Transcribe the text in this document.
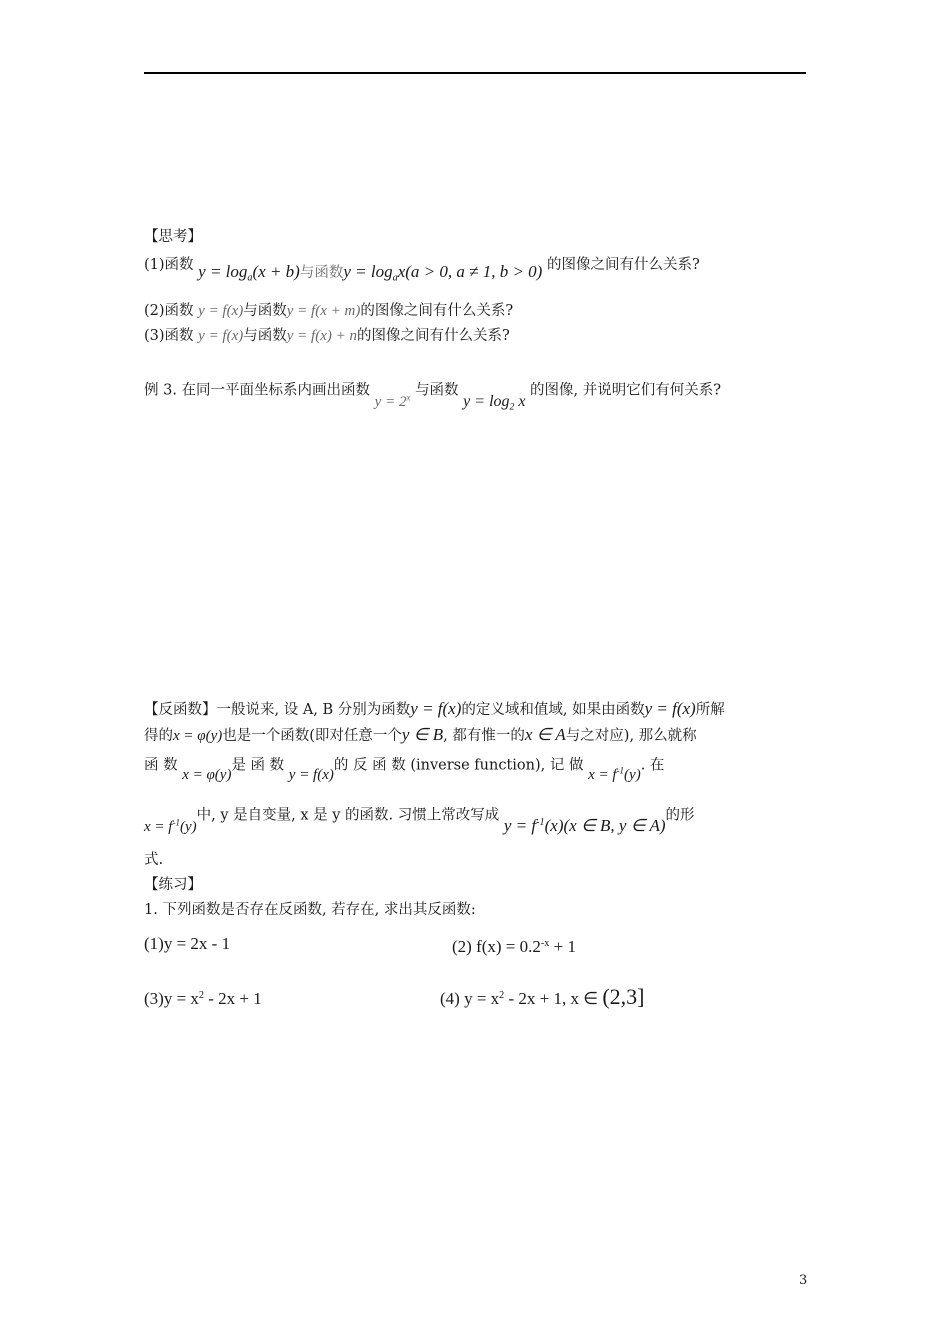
【思考】
(1)函数 $y = \log_a(x + b)$与函数$y = \log_ax(a > 0$, a ≠ 1, b > 0) 的图像之间有什么关系?
(2)函数 y = f(x)与函数y = f(x + m)的图像之间有什么关系?
(3)函数 y = f(x)与函数y = f(x) + n的图像之间有什么关系?
例 3. 在同一平面坐标系内画出函数 $y = 2^x$ 与函数 $y = \log_2 x$ 的图像, 并说明它们有何关系?
【反函数】一般说来, 设 A, B 分别为函数y = f(x)的定义域和值域, 如果由函数y = f(x)所解
得的x = φ(y)也是一个函数(即对任意一个y ∈ B, 都有惟一的x ∈ A与之对应), 那么就称
函 数 x = φ(y)是 函 数 y = f(x)的 反 函 数 (inverse function), 记 做 $x = f^{-1}(y)$. 在
$x = f^{-1}(y)$中, y 是自变量, x 是 y 的函数. 习惯上常改写成 $y = f^{-1}(x)(x$ ∈ B, y ∈ A)的形
式.
【练习】
1. 下列函数是否存在反函数, 若存在, 求出其反函数:
(1)y = 2x - 1	(2) $f(x) = 0.2^{-x} + 1$
$(3)y = x^2 - 2x + 1$	(4) $y = x^2 - 2x + 1$, x ∈ (2,3]
3
